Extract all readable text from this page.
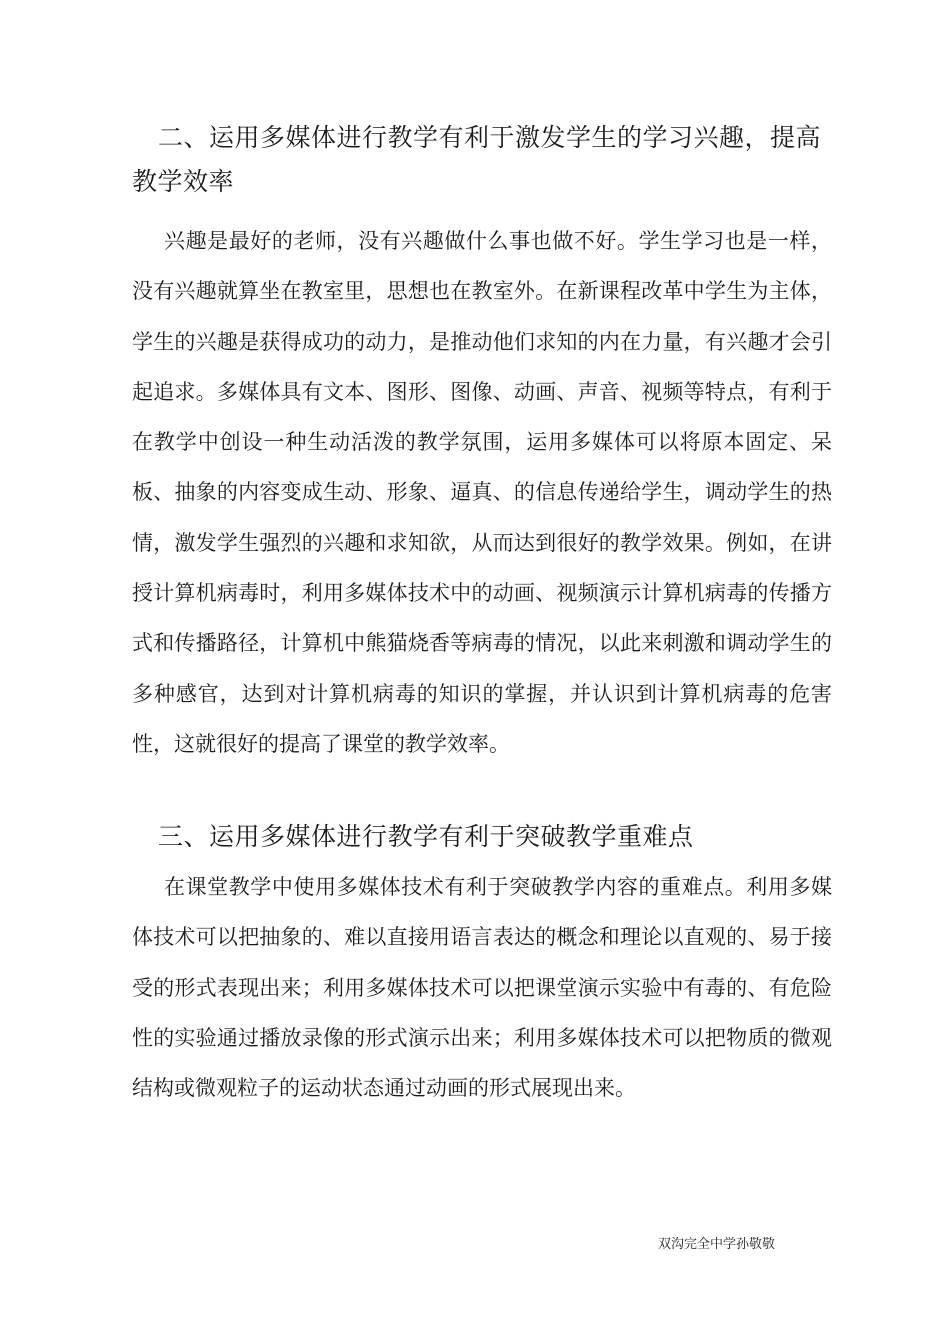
二、运用多媒体进行教学有利于激发学生的学习兴趣，提高教学效率

兴趣是最好的老师，没有兴趣做什么事也做不好。学生学习也是一样，没有兴趣就算坐在教室里，思想也在教室外。在新课程改革中学生为主体，学生的兴趣是获得成功的动力，是推动他们求知的内在力量，有兴趣才会引起追求。多媒体具有文本、图形、图像、动画、声音、视频等特点，有利于在教学中创设一种生动活泼的教学氛围，运用多媒体可以将原本固定、呆板、抽象的内容变成生动、形象、逼真、的信息传递给学生，调动学生的热情，激发学生强烈的兴趣和求知欲，从而达到很好的教学效果。例如，在讲授计算机病毒时，利用多媒体技术中的动画、视频演示计算机病毒的传播方式和传播路径，计算机中熊猫烧香等病毒的情况，以此来刺激和调动学生的多种感官，达到对计算机病毒的知识的掌握，并认识到计算机病毒的危害性，这就很好的提高了课堂的教学效率。

三、运用多媒体进行教学有利于突破教学重难点

在课堂教学中使用多媒体技术有利于突破教学内容的重难点。利用多媒体技术可以把抽象的、难以直接用语言表达的概念和理论以直观的、易于接受的形式表现出来；利用多媒体技术可以把课堂演示实验中有毒的、有危险性的实验通过播放录像的形式演示出来；利用多媒体技术可以把物质的微观结构或微观粒子的运动状态通过动画的形式展现出来。

双沟完全中学孙敬敬
